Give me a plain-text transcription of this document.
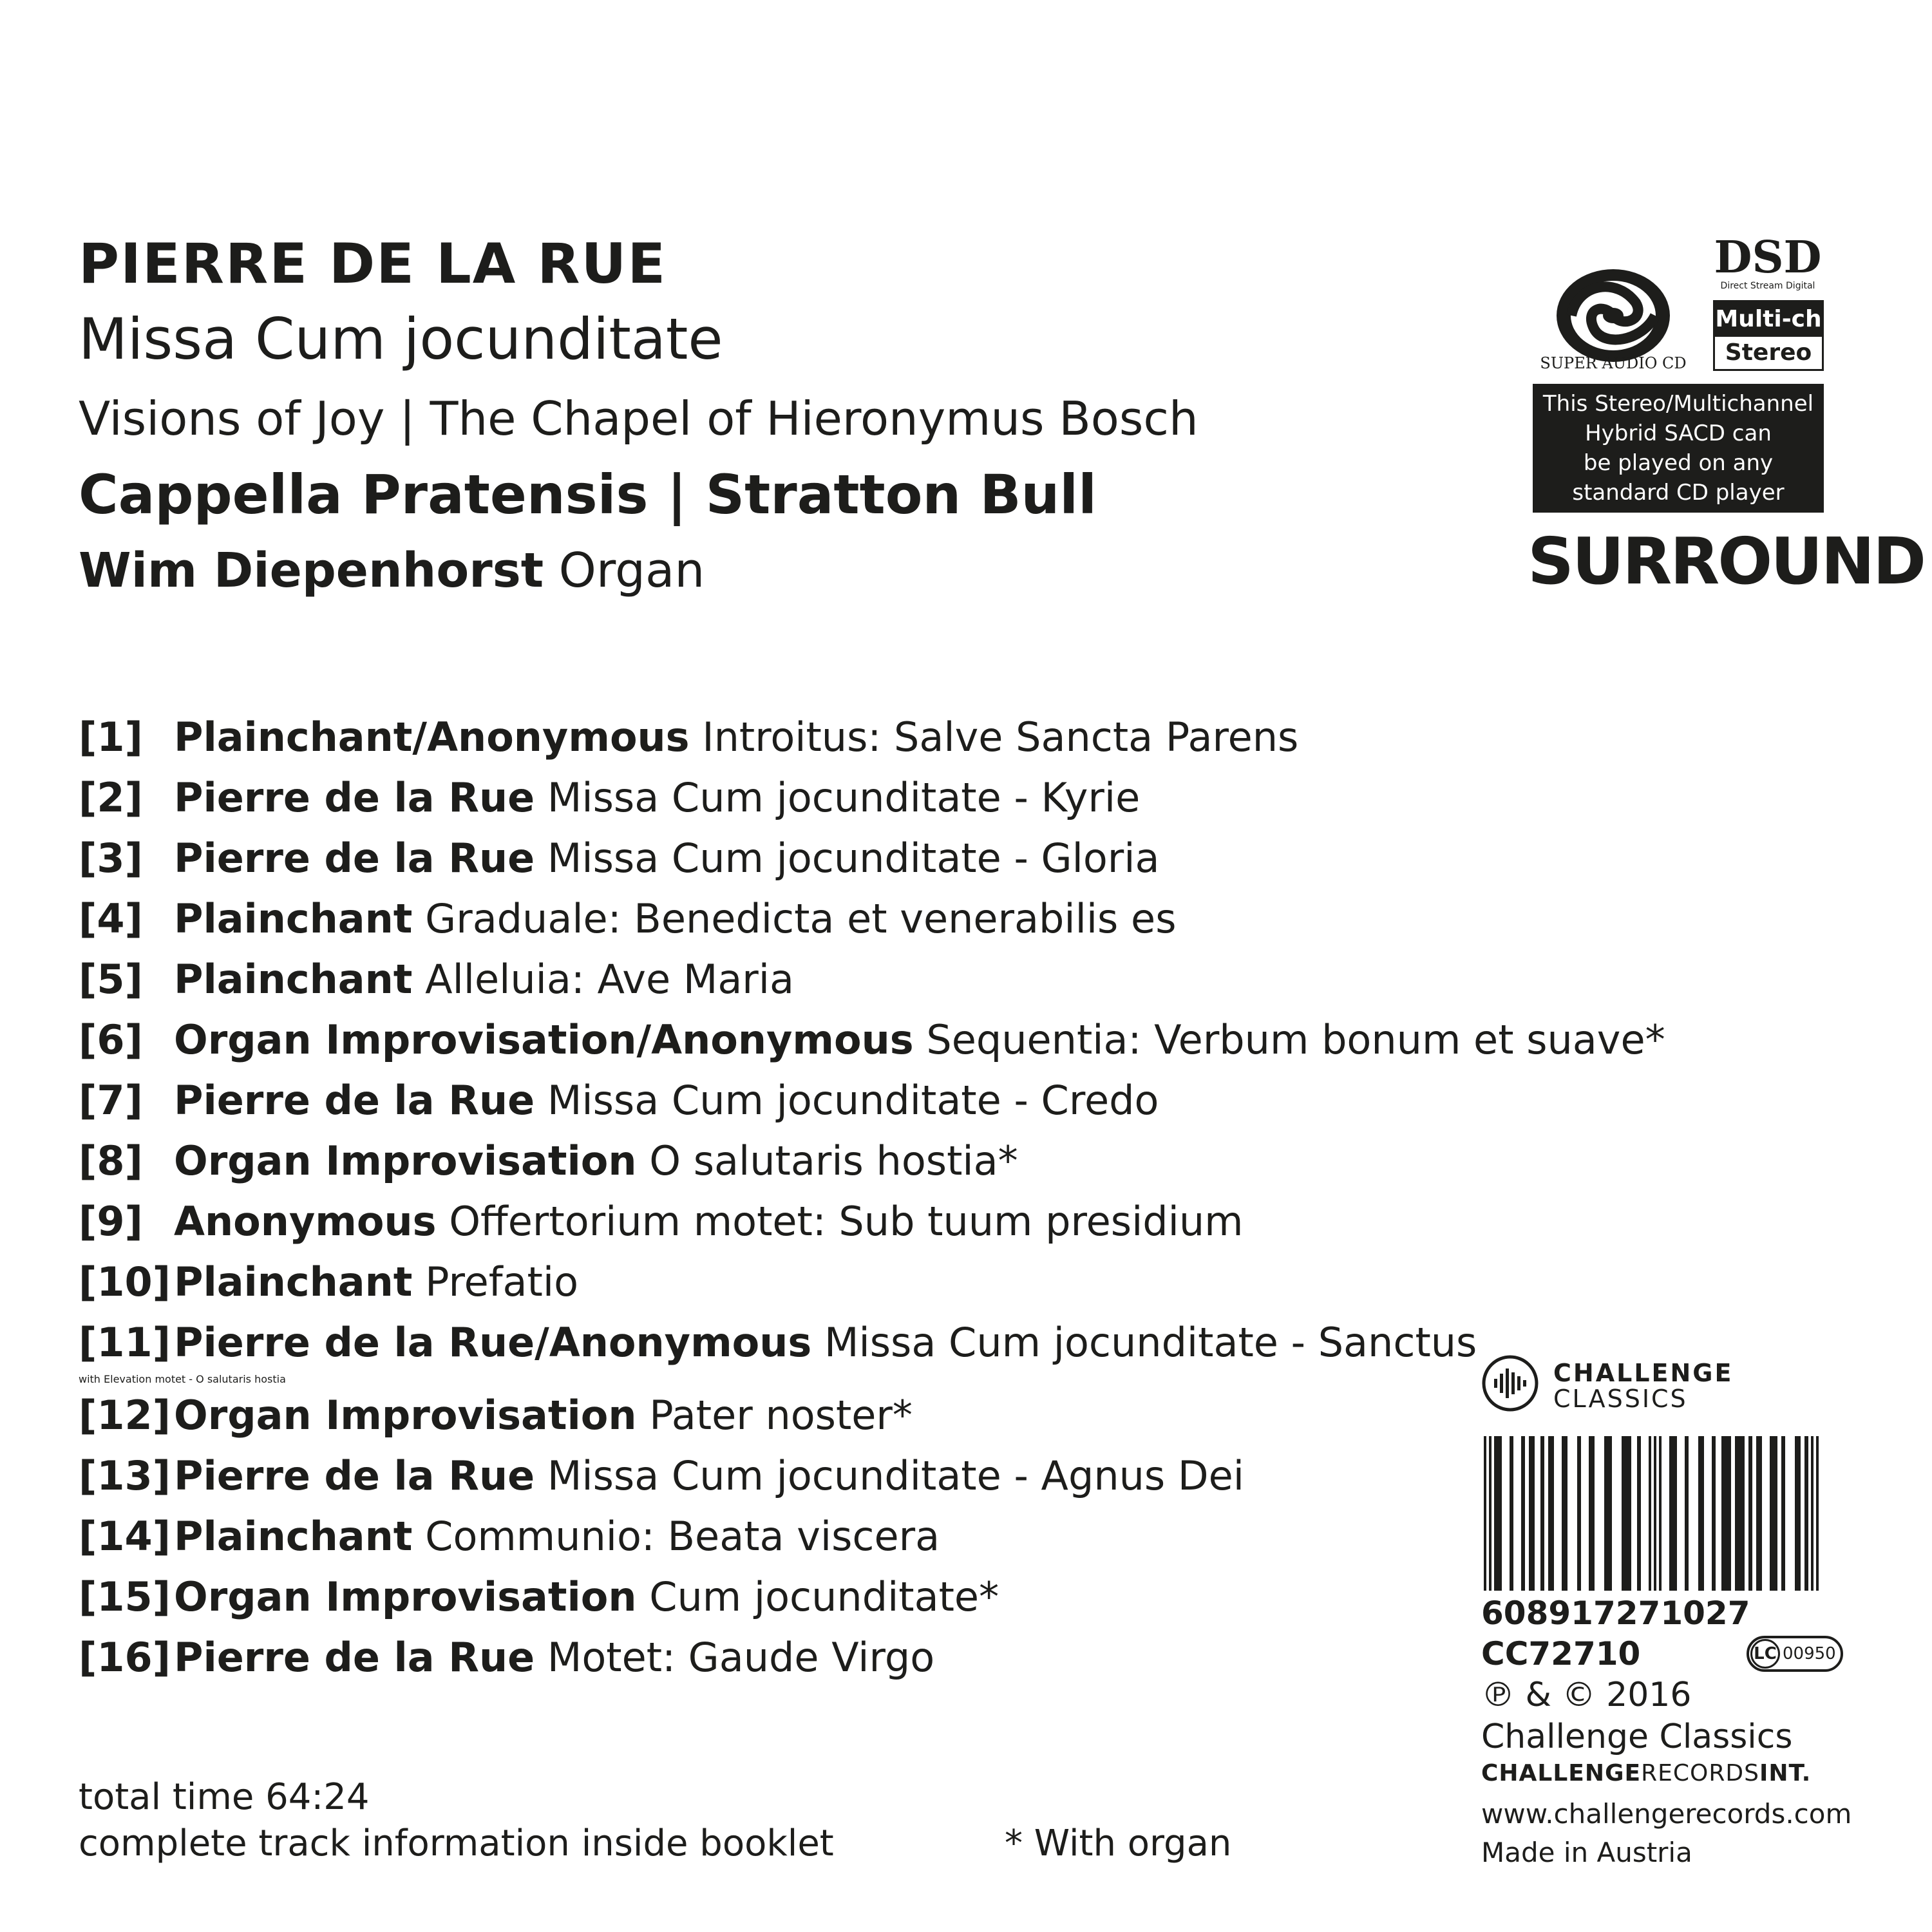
PIERRE DE LA RUE
Missa Cum jocunditate
Visions of Joy | The Chapel of Hieronymus Bosch
Cappella Pratensis | Stratton Bull
Wim Diepenhorst Organ
[1] Plainchant/Anonymous Introitus: Salve Sancta Parens
[2] Pierre de la Rue Missa Cum jocunditate - Kyrie
[3] Pierre de la Rue Missa Cum jocunditate - Gloria
[4] Plainchant Graduale: Benedicta et venerabilis es
[5] Plainchant Alleluia: Ave Maria
[6] Organ Improvisation/Anonymous Sequentia: Verbum bonum et suave*
[7] Pierre de la Rue Missa Cum jocunditate - Credo
[8] Organ Improvisation O salutaris hostia*
[9] Anonymous Offertorium motet: Sub tuum presidium
[10] Plainchant Prefatio
[11] Pierre de la Rue/Anonymous Missa Cum jocunditate - Sanctus
with Elevation motet - O salutaris hostia
[12] Organ Improvisation Pater noster*
[13] Pierre de la Rue Missa Cum jocunditate - Agnus Dei
[14] Plainchant Communio: Beata viscera
[15] Organ Improvisation Cum jocunditate*
[16] Pierre de la Rue Motet: Gaude Virgo
total time 64:24
complete track information inside booklet	* With organ
SUPER AUDIO CD
DSD
Direct Stream Digital
Multi-ch
Stereo
This Stereo/Multichannel
Hybrid SACD can
be played on any
standard CD player
SURROUND
CHALLENGE
CLASSICS
608917271027
CC72710	LC 00950
℗ & © 2016
Challenge Classics
CHALLENGERECORDSINT.
www.challengerecords.com
Made in Austria
